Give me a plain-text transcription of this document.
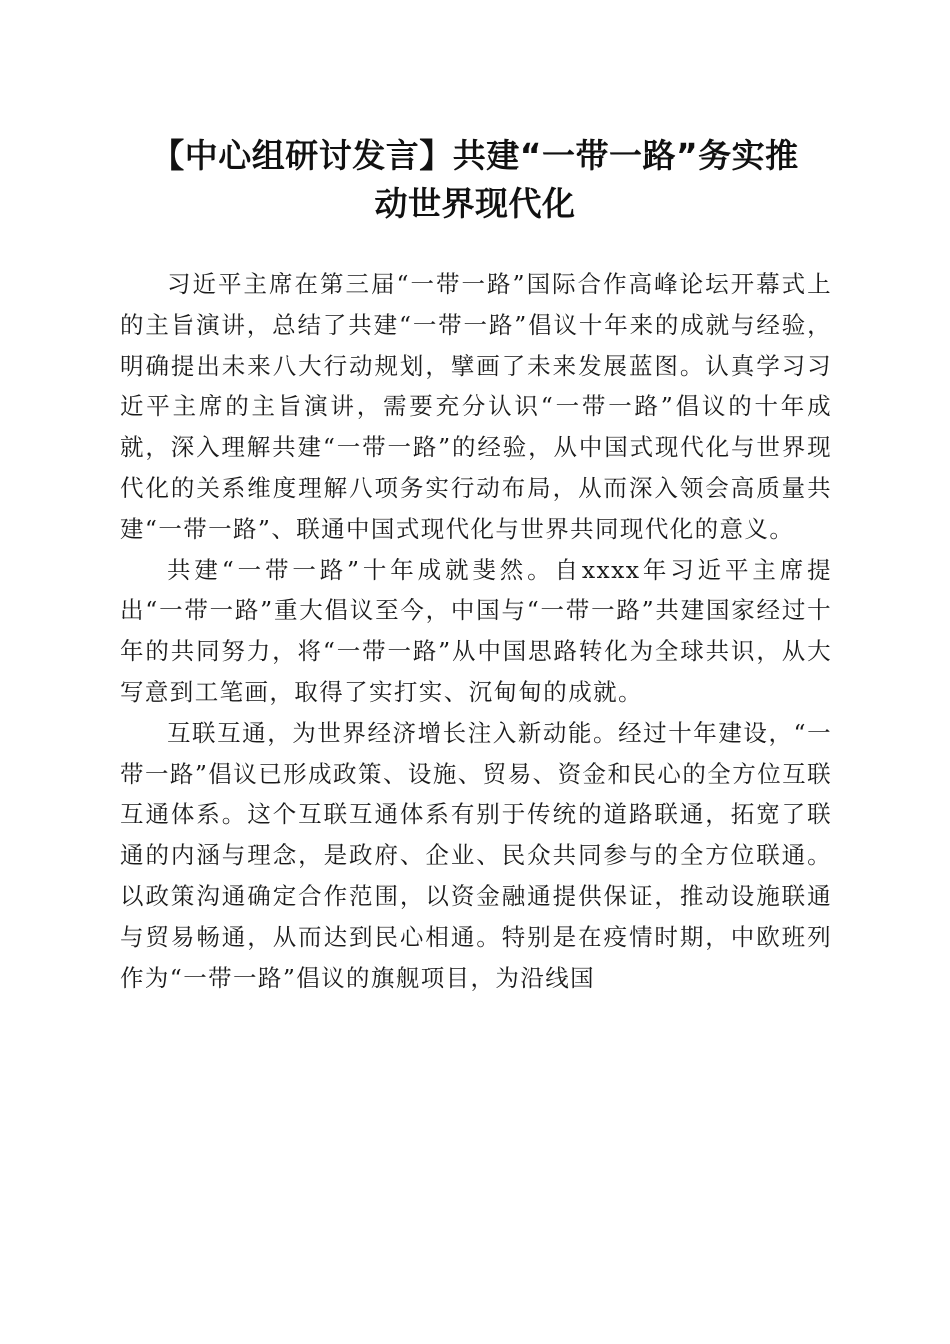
【中心组研讨发言】共建“一带一路”务实推
动世界现代化

习近平主席在第三届“一带一路”国际合作高峰论坛开幕式上的主旨演讲，总结了共建“一带一路”倡议十年来的成就与经验，明确提出未来八大行动规划，擘画了未来发展蓝图。认真学习习近平主席的主旨演讲，需要充分认识“一带一路”倡议的十年成就，深入理解共建“一带一路”的经验，从中国式现代化与世界现代化的关系维度理解八项务实行动布局，从而深入领会高质量共建“一带一路”、联通中国式现代化与世界共同现代化的意义。

共建“一带一路”十年成就斐然。自xxxx年习近平主席提出“一带一路”重大倡议至今，中国与“一带一路”共建国家经过十年的共同努力，将“一带一路”从中国思路转化为全球共识，从大写意到工笔画，取得了实打实、沉甸甸的成就。

互联互通，为世界经济增长注入新动能。经过十年建设，“一带一路”倡议已形成政策、设施、贸易、资金和民心的全方位互联互通体系。这个互联互通体系有别于传统的道路联通，拓宽了联通的内涵与理念，是政府、企业、民众共同参与的全方位联通。以政策沟通确定合作范围，以资金融通提供保证，推动设施联通与贸易畅通，从而达到民心相通。特别是在疫情时期，中欧班列作为“一带一路”倡议的旗舰项目，为沿线国
